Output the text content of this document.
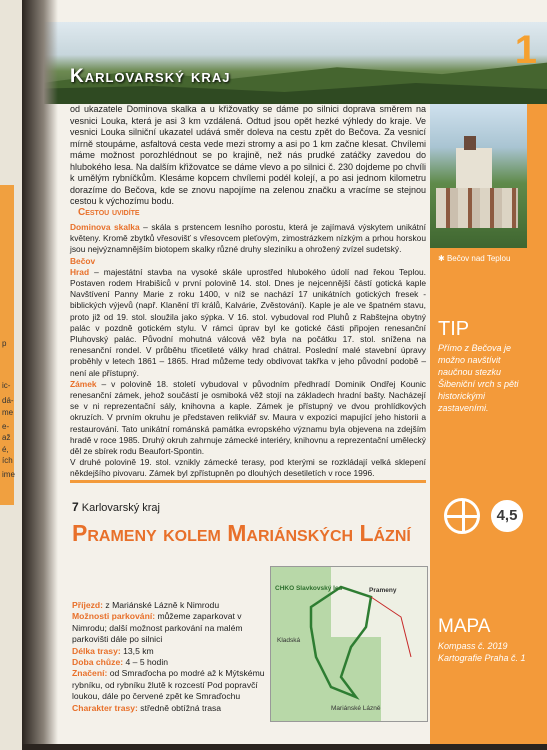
p
ic-
dá-
me
e-
až
é,
ích
ime
Karlovarský kraj
1
✱ Bečov nad Teplou
TIP
Přímo z Bečova je možno navštívit naučnou stezku Šibeniční vrch s pěti historickými zastaveními.
4,5
MAPA
Kompass č. 2019 Kartografie Praha č. 1
od ukazatele Dominova skalka a u křižovatky se dáme po silnici doprava směrem na vesnici Louka, která je asi 3 km vzdálená. Odtud jsou opět hezké výhledy do kraje. Ve vesnici Louka silniční ukazatel udává směr dolevа na cestu zpět do Bečova. Za vesnicí mírně stoupáme, asfaltová cesta vede mezi stromy a asi po 1 km začne klesat. Chvílemi máme možnost porozhlédnout se po krajině, než nás prudké zatáčky zavedou do hlubokého lesa. Na dalším křižovatce se dáme vlevo a po silnici č. 230 dojdeme po chvíli k umělým rybníčkům. Klesáme kopcem chvílemi podél kolejí, a po asi jednom kilometru dorazíme do Bečova, kde se znovu napojíme na zelenou značku a vracíme se stejnou cestou k výchozímu bodu.
Cestou uvidíte
Dominova skalka – skála s prstencem lesního porostu, která je zajímavá výskytem unikátní květeny. Kromě zbytků vřesovišť s vřesovcem pleťovým, zimostrázkem nízkým a prhou horskou jsou nejvýznamnějším biotopem skalky různé druhy sleziníku a ohrožený zvízel sudetský.
Bečov
Hrad – majestátní stavba na vysoké skále uprostřed hlubokého údolí nad řekou Teplou. Postaven rodem Hrabišiců v první polovině 14. stol. Dnes je nejcennější částí gotická kaple Navštívení Panny Marie z roku 1400, v níž se nachází 17 unikátních gotických fresek - biblických výjevů (např. Klanění tří králů, Kalvárie, Zvěstování). Kaple je ale ve špatném stavu, proto již od 19. stol. sloužila jako sýpka. V 16. stol. vybudoval rod Pluhů z Rabštejna obytný palác v pozdně gotickém stylu. V rámci úprav byl ke gotické části připojen renesanční Pluhovský palác. Původní mohutná válcová věž byla na počátku 17. stol. snížena na renesanční rondel. V průběhu třicetileté války hrad chátral. Poslední malé stavební úpravy proběhly v letech 1861 – 1865. Hrad můžeme tedy obdivovat takřka v jeho původní podobě – není ale přístupný.
Zámek – v polovině 18. století vybudoval v původním předhradí Dominik Ondřej Kounic renesanční zámek, jehož součástí je osmiboká věž stojí na základech hradní baštу. Nacházejí se v ni reprezentační sály, knihovna a kaple. Zámek je přístupný ve dvou prohlídkových okruzích. V prvním okruhu je představen relikviář sv. Maura v expozici mapující jeho historii a restaurování. Tato unikátní románská památka evropského významu byla objevena na zdejším hradě v roce 1985. Druhý okruh zahrnuje zámecké interiéry, knihovnu a reprezentační umělecký děl ze sbírek rodu Beaufort-Spontin.
V druhé polovině 19. stol. vznikly zámecké terasy, pod kterými se rozkládají velká sklepení někdejšího pivovaru. Zámek byl zpřístupněn po dlouhých desetiletích v roce 1996.
7 Karlovarský kraj
Prameny kolem Mariánských Lázní
Příjezd: z Mariánské Lázně k Nimrodu
Možnosti parkování: můžeme zaparkovat v Nimrodu; další možnost parkování na malém parkovišti dále po silnici
Délka trasy: 13,5 km
Doba chůze: 4 – 5 hodin
Značení: od Smraďocha po modré až k Mýtskému rybníku, od rybníku žlutě k rozcestí Pod popravčí loukou, dále po červené zpět ke Smraďochu
Charakter trasy: středně obtížná trasa
CHKO Slavkovský les	Prameny
Kladská
Mariánské Lázně
